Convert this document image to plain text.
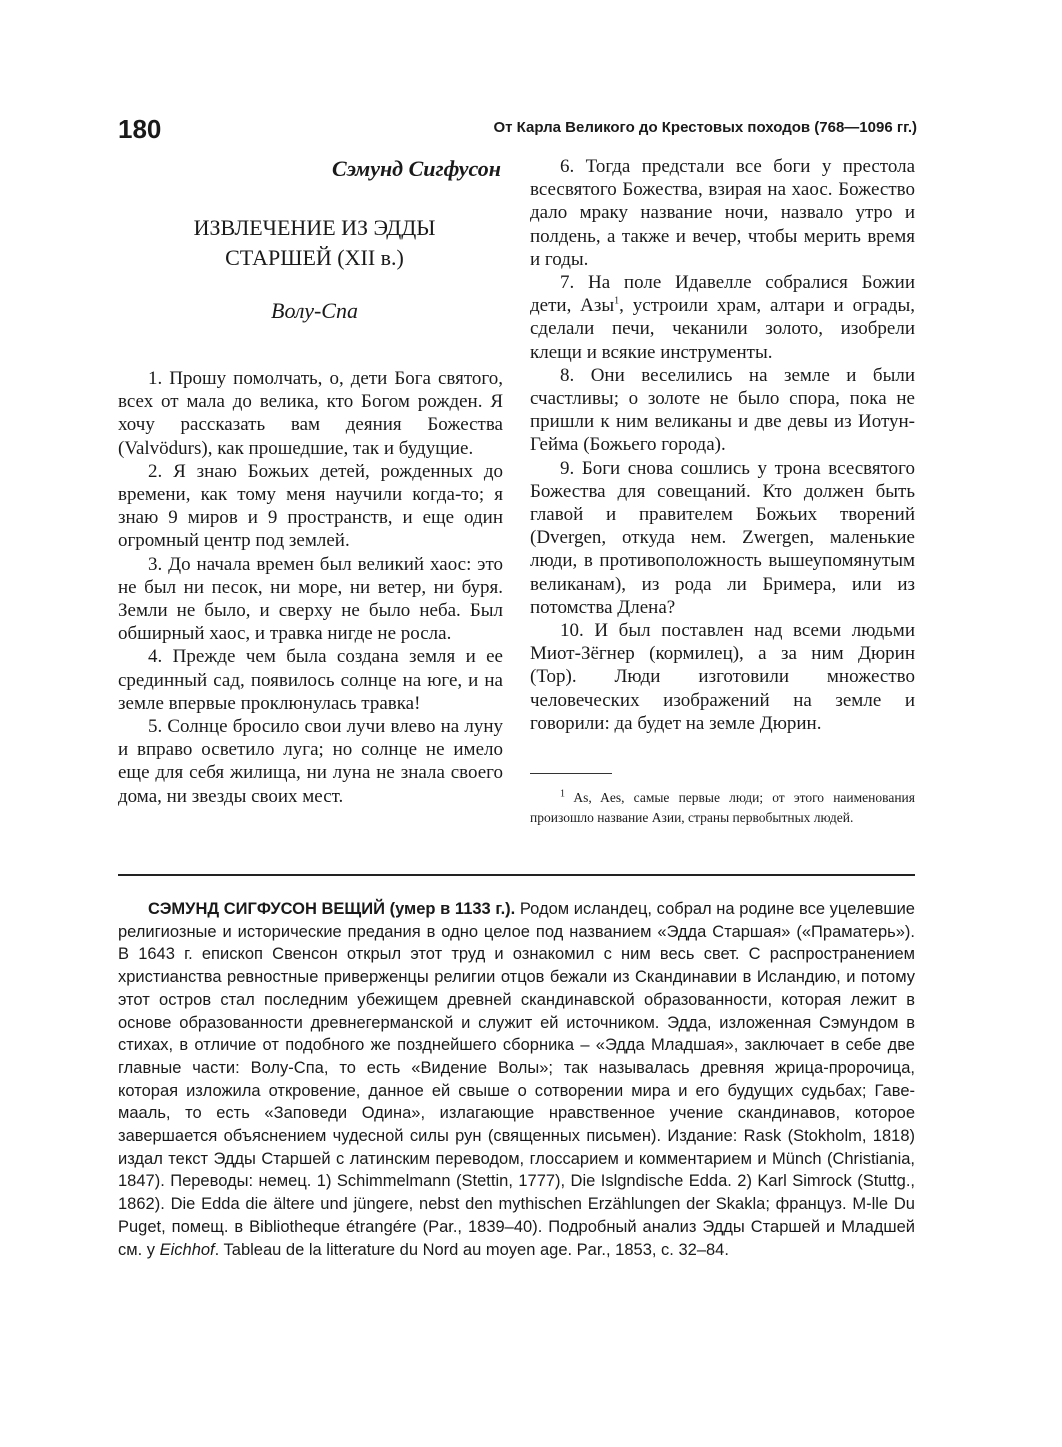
180	От Карла Великого до Крестовых походов (768—1096 гг.)

Сэмунд Сигфусон

ИЗВЛЕЧЕНИЕ ИЗ ЭДДЫ
СТАРШЕЙ (XII в.)

Волу-Спа

1. Прошу помолчать, о, дети Бога святого, всех от мала до велика, кто Богом рожден. Я хочу рассказать вам деяния Божества (Valvödurs), как прошедшие, так и будущие.

2. Я знаю Божьих детей, рожденных до времени, как тому меня научили когда-то; я знаю 9 миров и 9 пространств, и еще один огромный центр под землей.

3. До начала времен был великий хаос: это не был ни песок, ни море, ни ветер, ни буря. Земли не было, и сверху не было неба. Был обширный хаос, и травка нигде не росла.

4. Прежде чем была создана земля и ее срединный сад, появилось солнце на юге, и на земле впервые проклюнулась травка!

5. Солнце бросило свои лучи влево на луну и вправо осветило луга; но солнце не имело еще для себя жилища, ни луна не знала своего дома, ни звезды своих мест.

6. Тогда предстали все боги у престола всесвятого Божества, взирая на хаос. Божество дало мраку название ночи, назвало утро и полдень, а также и вечер, чтобы мерить время и годы.

7. На поле Идавелле собралися Божии дети, Азы$^1$, устроили храм, алтари и ограды, сделали печи, чеканили золото, изобрели клещи и всякие инструменты.

8. Они веселились на земле и были счастливы; о золоте не было спора, пока не пришли к ним великаны и две девы из Иотун-Гейма (Божьего города).

9. Боги снова сошлись у трона всесвятого Божества для совещаний. Кто должен быть главой и правителем Божьих творений (Dvergen, откуда нем. Zwergen, маленькие люди, в противоположность вышеупомянутым великанам), из рода ли Бримера, или из потомства Длена?

10. И был поставлен над всеми людьми Миот-Зёгнер (кормилец), а за ним Дюрин (Тор). Люди изготовили множество человеческих изображений на земле и говорили: да будет на земле Дюрин.

$^1$ As, Aes, самые первые люди; от этого наименования произошло название Азии, страны первобытных людей.

СЭМУНД СИГФУСОН ВЕЩИЙ (умер в 1133 г.). Родом исландец, собрал на родине все уцелевшие религиозные и исторические предания в одно целое под названием «Эдда Старшая» («Праматерь»). В 1643 г. епископ Свенсон открыл этот труд и ознакомил с ним весь свет. С распространением христианства ревностные приверженцы религии отцов бежали из Скандинавии в Исландию, и потому этот остров стал последним убежищем древней скандинавской образованности, которая лежит в основе образованности древнегерманской и служит ей источником. Эдда, изложенная Сэмундом в стихах, в отличие от подобного же позднейшего сборника – «Эдда Младшая», заключает в себе две главные части: Волу-Спа, то есть «Видение Волы»; так называлась древняя жрица-пророчица, которая изложила откровение, данное ей свыше о сотворении мира и его будущих судьбах; Гаве-мааль, то есть «Заповеди Одина», излагающие нравственное учение скандинавов, которое завершается объяснением чудесной силы рун (священных письмен). Издание: Rask (Stokholm, 1818) издал текст Эдды Старшей с латинским переводом, глоссарием и комментарием и Münch (Christiania, 1847). Переводы: немец. 1) Schimmelmann (Stettin, 1777), Die Islgndische Edda. 2) Karl Simrock (Stuttg., 1862). Die Edda die ältere und jüngere, nebst den mythischen Erzählungen der Skakla; француз. M-lle Du Puget, помещ. в Bibliotheque étrangére (Par., 1839–40). Подробный анализ Эдды Старшей и Младшей см. у Eichhof. Tableau de la litterature du Nord au moyen age. Par., 1853, с. 32–84.
